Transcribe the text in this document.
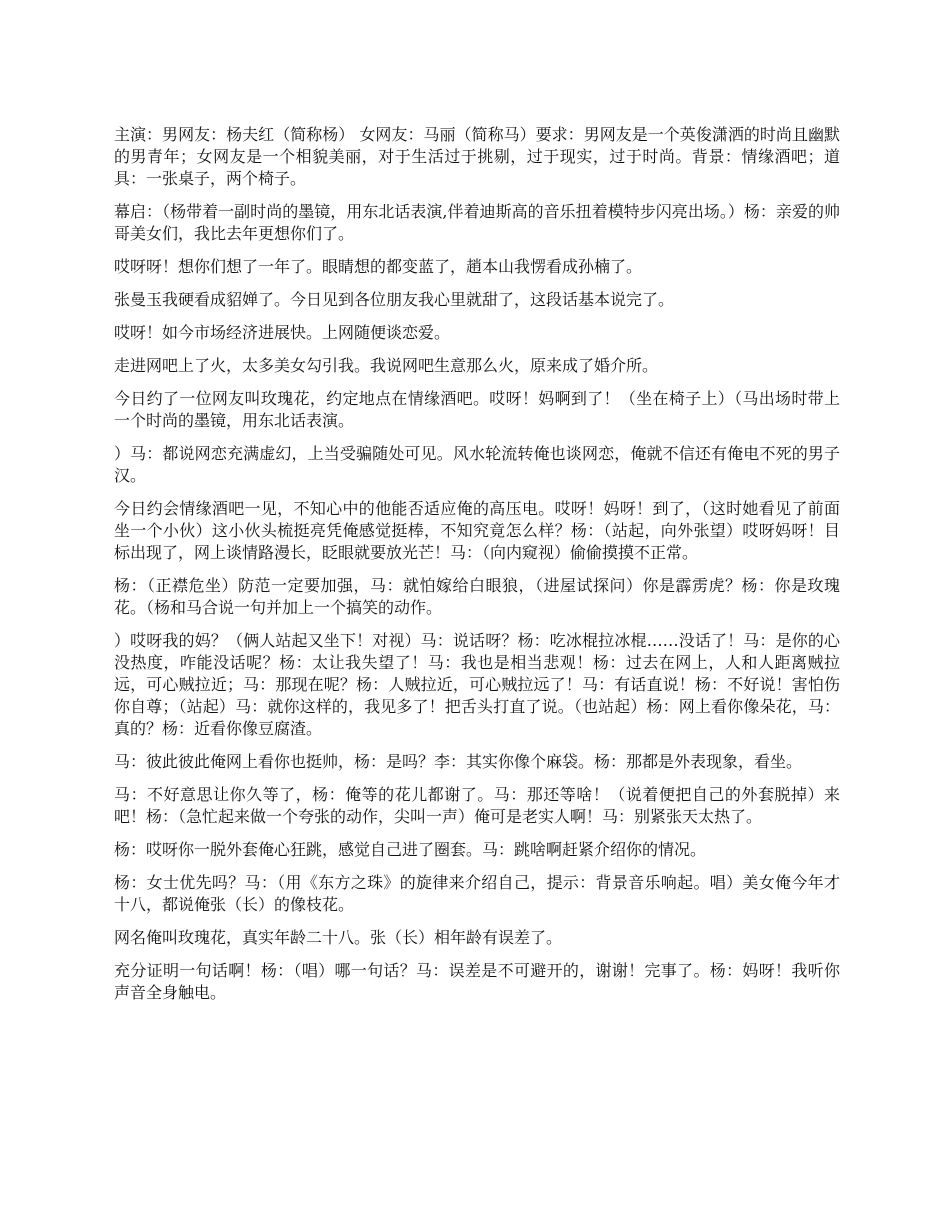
主演：男网友：杨夫红（简称杨） 女网友：马丽（简称马）要求：男网友是一个英俊潇洒的时尚且幽默的男青年；女网友是一个相貌美丽，对于生活过于挑剔，过于现实，过于时尚。背景：情缘酒吧；道具：一张桌子，两个椅子。

幕启：（杨带着一副时尚的墨镜，用东北话表演,伴着迪斯高的音乐扭着模特步闪亮出场。）杨：亲爱的帅哥美女们，我比去年更想你们了。

哎呀呀！想你们想了一年了。眼睛想的都变蓝了，趙本山我愣看成孙楠了。

张曼玉我硬看成貂婵了。今日见到各位朋友我心里就甜了，这段话基本说完了。

哎呀！如今市场经济进展快。上网随便谈恋爱。

走进网吧上了火，太多美女勾引我。我说网吧生意那么火，原来成了婚介所。

今日约了一位网友叫玫瑰花，约定地点在情缘酒吧。哎呀！妈啊到了！（坐在椅子上）（马出场时带上一个时尚的墨镜，用东北话表演。

）马：都说网恋充满虚幻，上当受骗随处可见。风水轮流转俺也谈网恋，俺就不信还有俺电不死的男子汉。

今日约会情缘酒吧一见，不知心中的他能否适应俺的高压电。哎呀！妈呀！到了，（这时她看见了前面坐一个小伙）这小伙头梳挺亮凭俺感觉挺棒，不知究竟怎么样？杨：（站起，向外张望）哎呀妈呀！目标出现了，网上谈情路漫长，眨眼就要放光芒！马：（向内窥视）偷偷摸摸不正常。

杨：（正襟危坐）防范一定要加强，马：就怕嫁给白眼狼，（进屋试探问）你是霹雳虎？杨：你是玫瑰花。（杨和马合说一句并加上一个搞笑的动作。

）哎呀我的妈？（俩人站起又坐下！对视）马：说话呀？杨：吃冰棍拉冰棍……没话了！马：是你的心没热度，咋能没话呢？杨：太让我失望了！马：我也是相当悲观！杨：过去在网上，人和人距离贼拉远，可心贼拉近；马：那现在呢？杨：人贼拉近，可心贼拉远了！马：有话直说！杨：不好说！害怕伤你自尊；（站起）马：就你这样的，我见多了！把舌头打直了说。（也站起）杨：网上看你像朵花，马：真的？杨：近看你像豆腐渣。

马：彼此彼此俺网上看你也挺帅，杨：是吗？李：其实你像个麻袋。杨：那都是外表现象，看坐。

马：不好意思让你久等了，杨：俺等的花儿都谢了。马：那还等啥！（说着便把自己的外套脱掉）来吧！杨：（急忙起来做一个夸张的动作，尖叫一声）俺可是老实人啊！马：别紧张天太热了。

杨：哎呀你一脱外套俺心狂跳，感觉自己进了圈套。马：跳啥啊赶紧介绍你的情况。

杨：女士优先吗？马：（用《东方之珠》的旋律来介绍自己，提示：背景音乐响起。唱）美女俺今年才十八，都说俺张（长）的像枝花。

网名俺叫玫瑰花，真实年龄二十八。张（长）相年龄有误差了。

充分证明一句话啊！杨：（唱）哪一句话？马：误差是不可避开的，谢谢！完事了。杨：妈呀！我听你声音全身触电。
